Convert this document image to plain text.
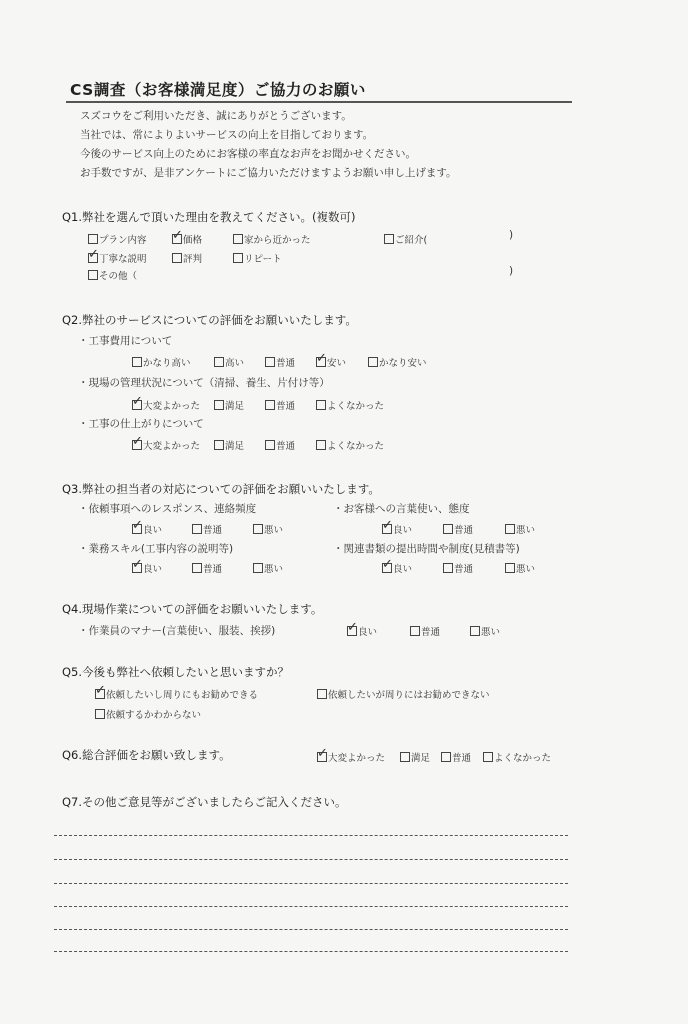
CS調査（お客様満足度）ご協力のお願い
スズコウをご利用いただき、誠にありがとうございます。
当社では、常によりよいサービスの向上を目指しております。
今後のサービス向上のためにお客様の率直なお声をお聞かせください。
お手数ですが、是非アンケートにご協力いただけますようお願い申し上げます。
Q1.弊社を選んで頂いた理由を教えてください。(複数可)
プラン内容 ✓ 価格	家から近かった	ご紹介(	)
✓ 丁寧な説明	評判	リピート
その他（	)
Q2.弊社のサービスについての評価をお願いいたします。
・工事費用について
かなり高い	高い	普通 ✓ 安い	かなり安い
・現場の管理状況について（清掃、養生、片付け等）
✓ 大変よかった	満足	普通	よくなかった
・工事の仕上がりについて
✓ 大変よかった	満足	普通	よくなかった
Q3.弊社の担当者の対応についての評価をお願いいたします。
・依頼事項へのレスポンス、連絡頻度
✓ 良い	普通	悪い
・お客様への言葉使い、態度
✓ 良い	普通	悪い
・業務スキル(工事内容の説明等)
✓ 良い	普通	悪い
・関連書類の提出時間や制度(見積書等)
✓ 良い	普通	悪い
Q4.現場作業についての評価をお願いいたします。
・作業員のマナー(言葉使い、服装、挨拶)	✓ 良い	普通	悪い
Q5.今後も弊社へ依頼したいと思いますか？
✓ 依頼したいし周りにもお勧めできる	依頼したいが周りにはお勧めできない
依頼するかわからない
Q6.総合評価をお願い致します。	✓ 大変よかった	満足 普通 よくなかった
Q7.その他ご意見等がございましたらご記入ください。
